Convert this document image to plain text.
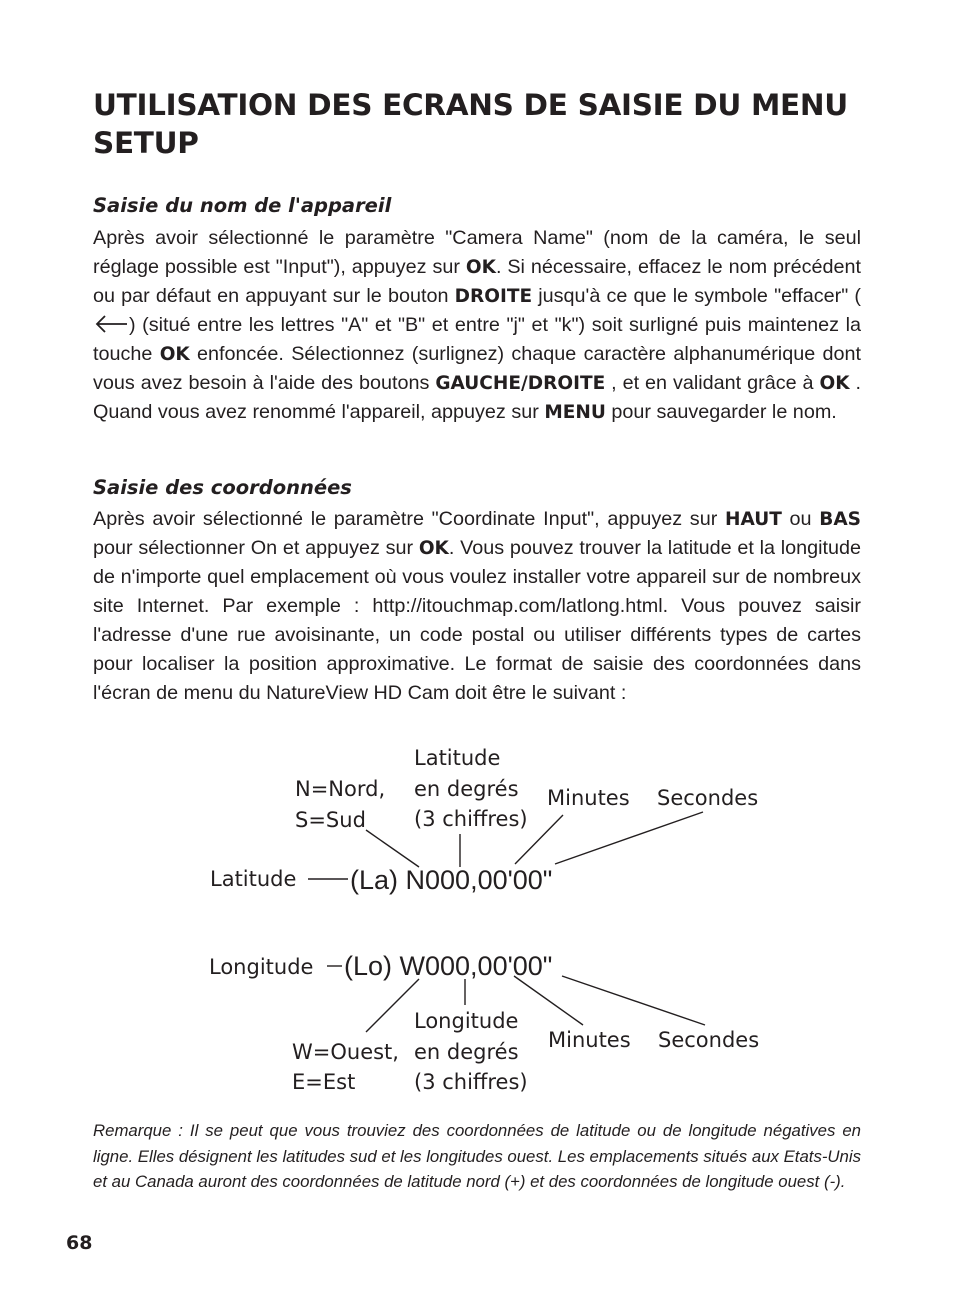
UTILISATION DES ECRANS DE SAISIE DU MENU SETUP
Saisie du nom de l'appareil

Après avoir sélectionné le paramètre "Camera Name" (nom de la caméra, le seul réglage possible est "Input"), appuyez sur OK. Si nécessaire, effacez le nom précédent ou par défaut en appuyant sur le bouton DROITE jusqu'à ce que le symbole "effacer" () (situé entre les lettres "A" et "B" et entre "j" et "k") soit surligné puis maintenez la touche OK enfoncée. Sélectionnez (surlignez) chaque caractère alphanumérique dont vous avez besoin à l'aide des boutons GAUCHE/DROITE , et en validant grâce à OK . Quand vous avez renommé l'appareil, appuyez sur MENU pour sauvegarder le nom.

Saisie des coordonnées

Après avoir sélectionné le paramètre "Coordinate Input", appuyez sur HAUT ou BAS pour sélectionner On et appuyez sur OK. Vous pouvez trouver la latitude et la longitude de n'importe quel emplacement où vous voulez installer votre appareil sur de nombreux site Internet. Par exemple : http://itouchmap.com/latlong.html. Vous pouvez saisir l'adresse d'une rue avoisinante, un code postal ou utiliser différents types de cartes pour localiser la position approximative. Le format de saisie des coordonnées dans l'écran de menu du NatureView HD Cam doit être le suivant :

N=Nord,
S=Sud
Latitude
en degrés
(3 chiffres)
Minutes Secondes
Latitude (La) N000,00'00"
Longitude (Lo) W000,00'00"
Longitude
en degrés
(3 chiffres)
W=Ouest,
E=Est
Minutes Secondes

Remarque : Il se peut que vous trouviez des coordonnées de latitude ou de longitude négatives en ligne. Elles désignent les latitudes sud et les longitudes ouest. Les emplacements situés aux Etats-Unis et au Canada auront des coordonnées de latitude nord (+) et des coordonnées de longitude ouest (-).

68
